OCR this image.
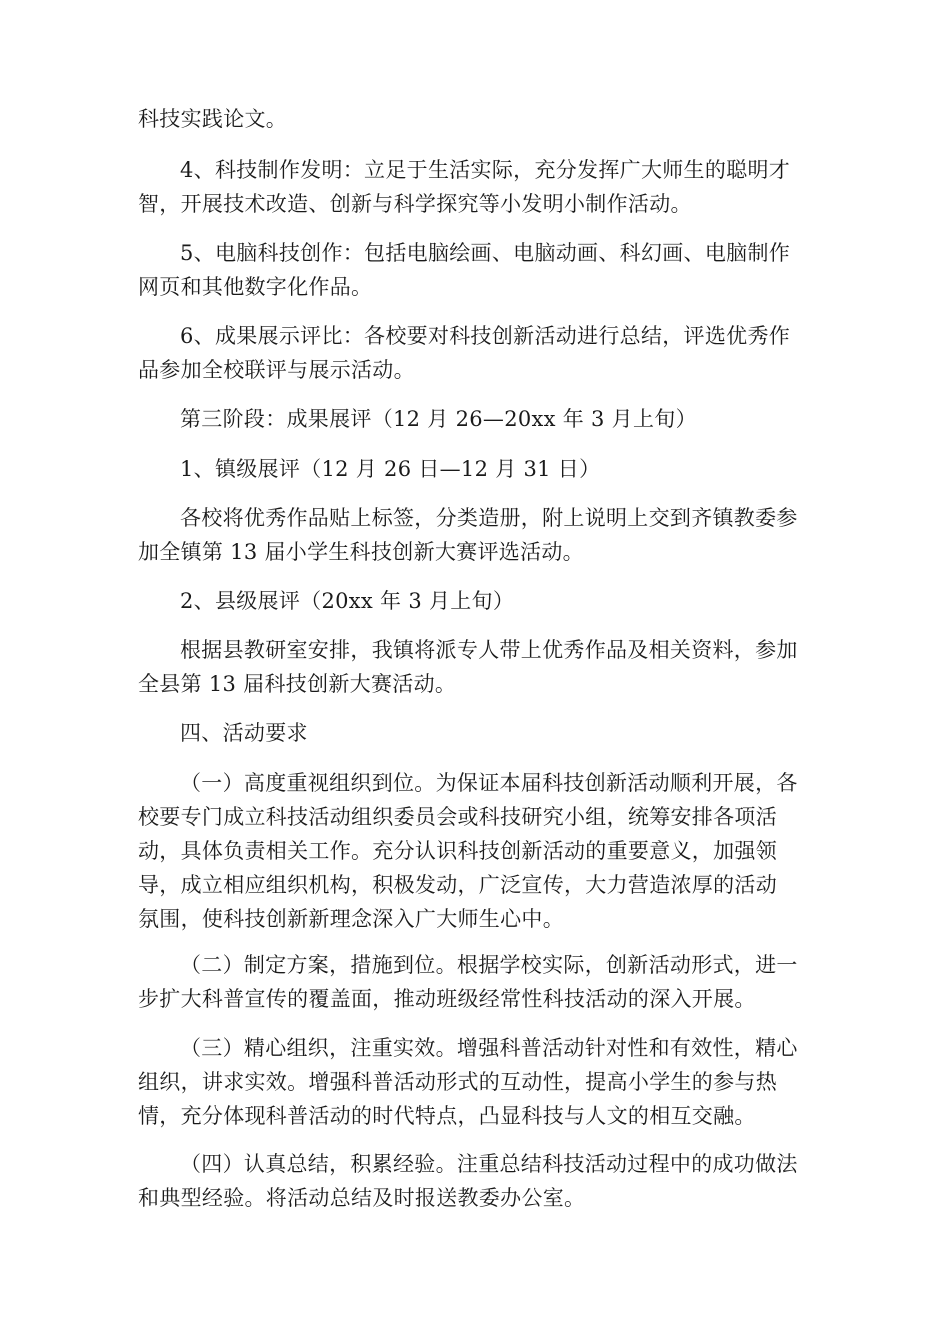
科技实践论文。
4、科技制作发明：立足于生活实际，充分发挥广大师生的聪明才
智，开展技术改造、创新与科学探究等小发明小制作活动。
5、电脑科技创作：包括电脑绘画、电脑动画、科幻画、电脑制作
网页和其他数字化作品。
6、成果展示评比：各校要对科技创新活动进行总结，评选优秀作
品参加全校联评与展示活动。
第三阶段：成果展评（12 月 26—20xx 年 3 月上旬）
1、镇级展评（12 月 26 日—12 月 31 日）
各校将优秀作品贴上标签，分类造册，附上说明上交到齐镇教委参
加全镇第 13 届小学生科技创新大赛评选活动。
2、县级展评（20xx 年 3 月上旬）
根据县教研室安排，我镇将派专人带上优秀作品及相关资料，参加
全县第 13 届科技创新大赛活动。
四、活动要求
（一）高度重视组织到位。为保证本届科技创新活动顺利开展，各
校要专门成立科技活动组织委员会或科技研究小组，统筹安排各项活
动，具体负责相关工作。充分认识科技创新活动的重要意义，加强领
导，成立相应组织机构，积极发动，广泛宣传，大力营造浓厚的活动
氛围，使科技创新新理念深入广大师生心中。
（二）制定方案，措施到位。根据学校实际，创新活动形式，进一
步扩大科普宣传的覆盖面，推动班级经常性科技活动的深入开展。
（三）精心组织，注重实效。增强科普活动针对性和有效性，精心
组织，讲求实效。增强科普活动形式的互动性，提高小学生的参与热
情，充分体现科普活动的时代特点，凸显科技与人文的相互交融。
（四）认真总结，积累经验。注重总结科技活动过程中的成功做法
和典型经验。将活动总结及时报送教委办公室。
